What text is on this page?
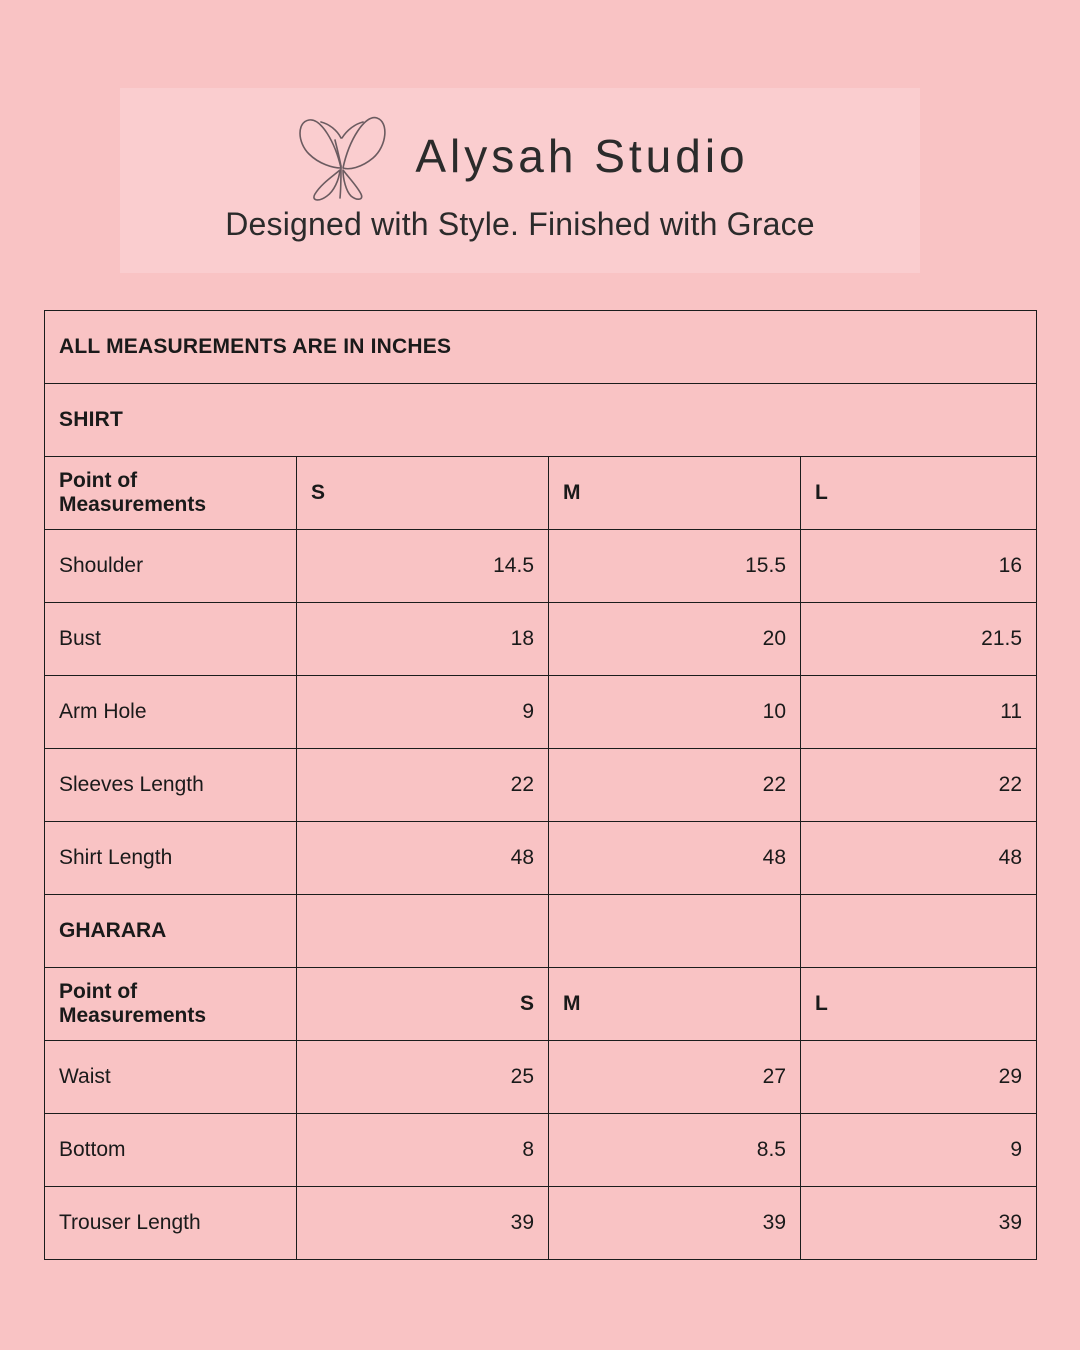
Alysah Studio
Designed with Style. Finished with Grace
ALL MEASUREMENTS ARE IN INCHES			
SHIRT			
Point of Measurements	S	M	L
Shoulder	14.5	15.5	16
Bust	18	20	21.5
Arm Hole	9	10	11
Sleeves Length	22	22	22
Shirt Length	48	48	48
GHARARA			
Point of Measurements	S	M	L
Waist	25	27	29
Bottom	8	8.5	9
Trouser Length	39	39	39
